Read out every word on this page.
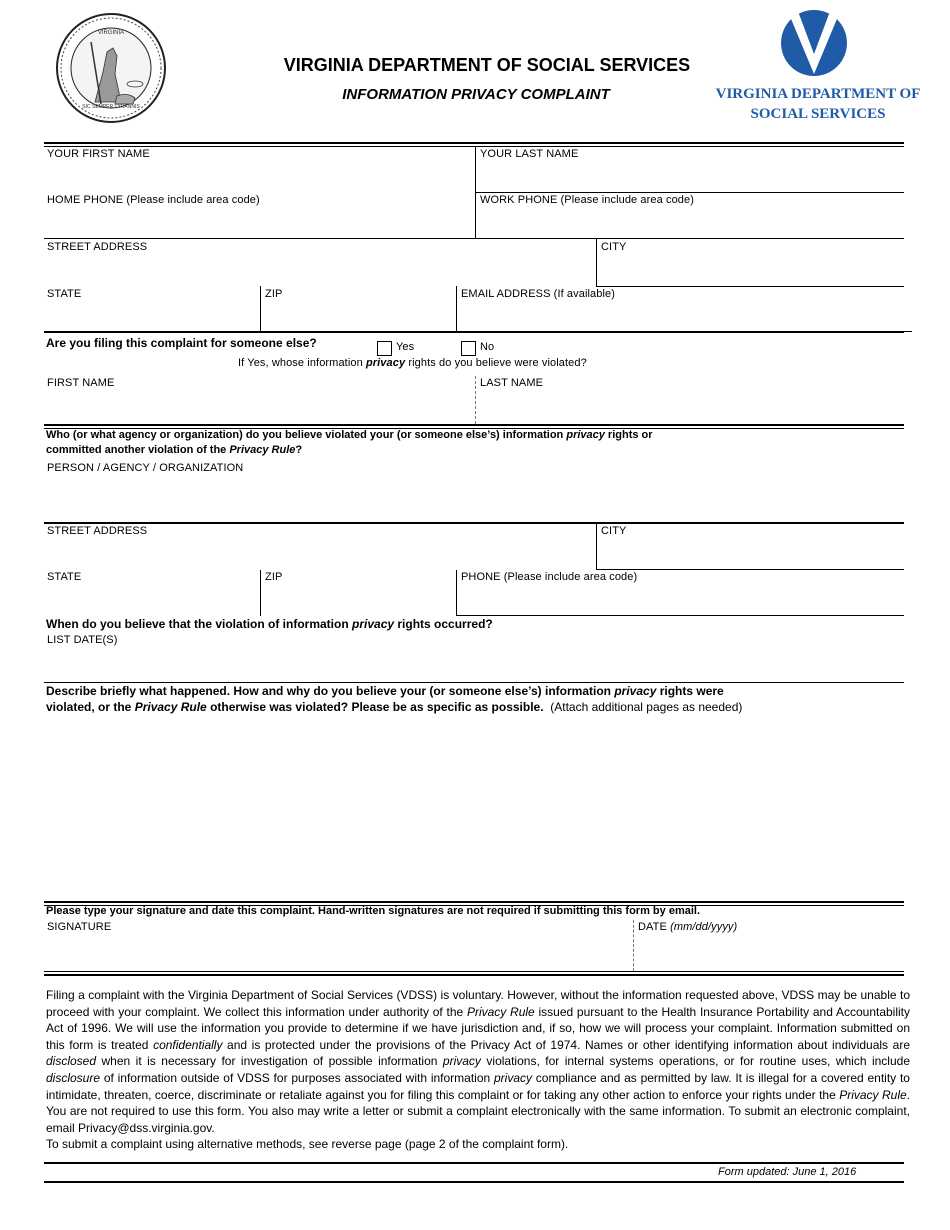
VIRGINIA
SIC SEMPER TYRANNIS
VIRGINIA DEPARTMENT OF SOCIAL SERVICES
INFORMATION PRIVACY COMPLAINT	VIRGINIA DEPARTMENT OF
SOCIAL SERVICES
YOUR FIRST NAME	YOUR LAST NAME
HOME PHONE (Please include area code)	WORK PHONE (Please include area code)
STREET ADDRESS	CITY
STATE	ZIP	EMAIL ADDRESS (If available)
Are you filing this complaint for someone else?	Yes	No
If Yes, whose information privacy rights do you believe were violated?
FIRST NAME	LAST NAME
Who (or what agency or organization) do you believe violated your (or someone else’s) information privacy rights or
committed another violation of the Privacy Rule?
PERSON / AGENCY / ORGANIZATION
STREET ADDRESS	CITY
STATE	ZIP	PHONE (Please include area code)
When do you believe that the violation of information privacy rights occurred?
LIST DATE(S)
Describe briefly what happened. How and why do you believe your (or someone else’s) information privacy rights were
violated, or the Privacy Rule otherwise was violated? Please be as specific as possible. (Attach additional pages as needed)
Please type your signature and date this complaint. Hand-written signatures are not required if submitting this form by email.
SIGNATURE	DATE (mm/dd/yyyy)
Filing a complaint with the Virginia Department of Social Services (VDSS) is voluntary. However, without the information requested above, VDSS may be unable to proceed with your complaint. We collect this information under authority of the Privacy Rule issued pursuant to the Health Insurance Portability and Accountability Act of 1996. We will use the information you provide to determine if we have jurisdiction and, if so, how we will process your complaint. Information submitted on this form is treated confidentially and is protected under the provisions of the Privacy Act of 1974. Names or other identifying information about individuals are disclosed when it is necessary for investigation of possible information privacy violations, for internal systems operations, or for routine uses, which include disclosure of information outside of VDSS for purposes associated with information privacy compliance and as permitted by law. It is illegal for a covered entity to intimidate, threaten, coerce, discriminate or retaliate against you for filing this complaint or for taking any other action to enforce your rights under the Privacy Rule. You are not required to use this form. You also may write a letter or submit a complaint electronically with the same information. To submit an electronic complaint, email Privacy@dss.virginia.gov.
To submit a complaint using alternative methods, see reverse page (page 2 of the complaint form).
Form updated: June 1, 2016
